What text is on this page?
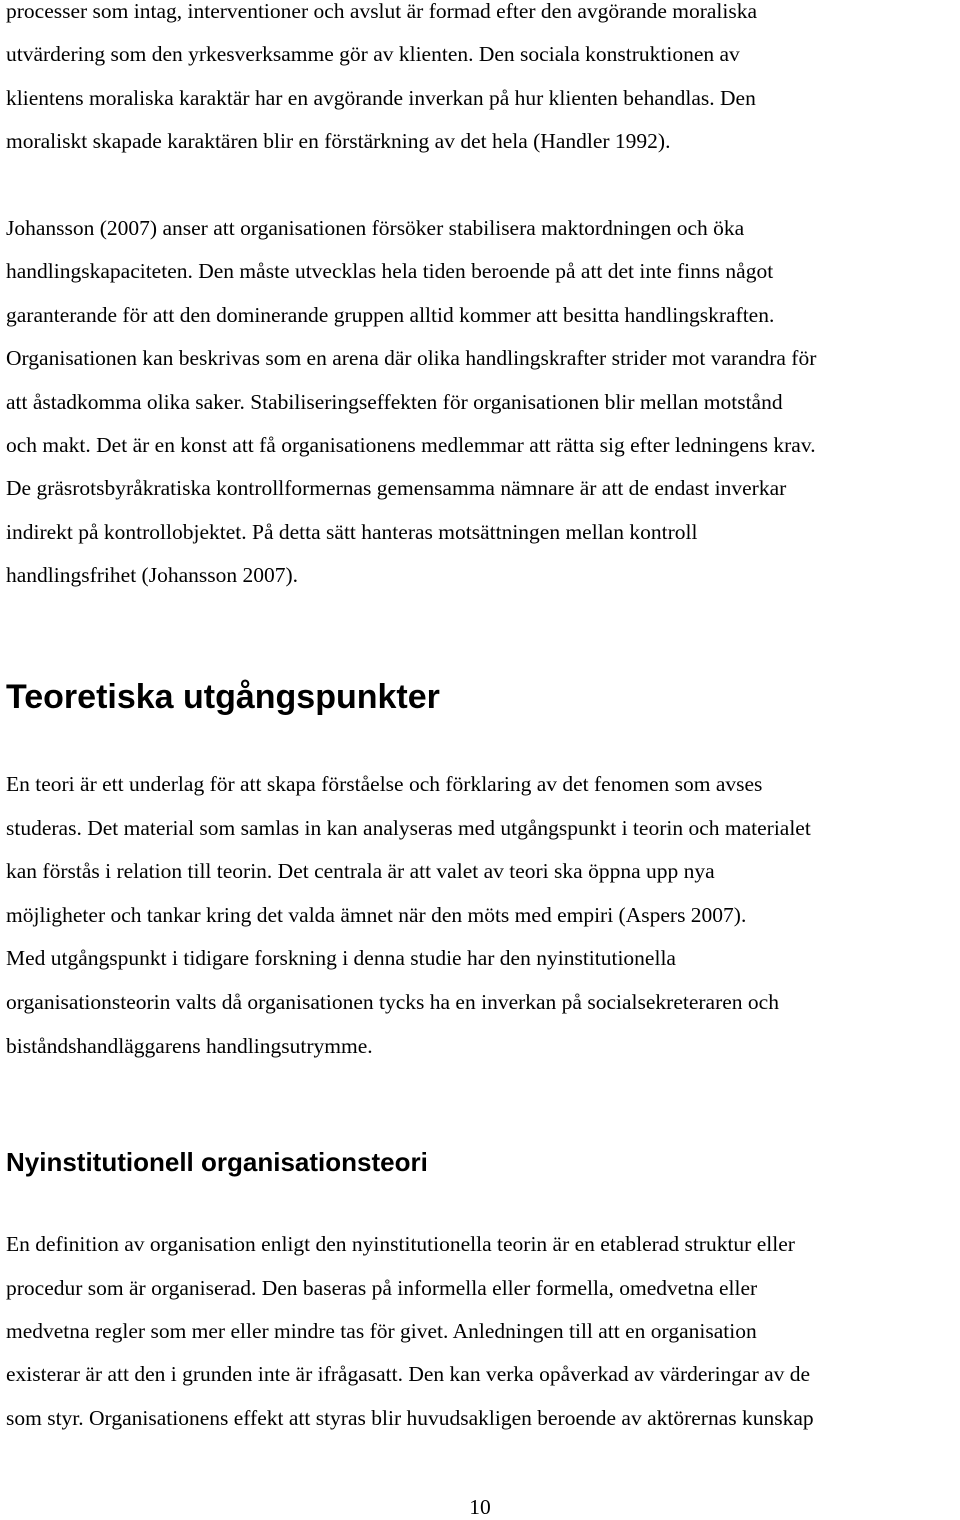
processer som intag, interventioner och avslut är formad efter den avgörande moraliska

utvärdering som den yrkesverksamme gör av klienten. Den sociala konstruktionen av

klientens moraliska karaktär har en avgörande inverkan på hur klienten behandlas. Den

moraliskt skapade karaktären blir en förstärkning av det hela (Handler 1992).

Johansson (2007) anser att organisationen försöker stabilisera maktordningen och öka

handlingskapaciteten. Den måste utvecklas hela tiden beroende på att det inte finns något

garanterande för att den dominerande gruppen alltid kommer att besitta handlingskraften.

Organisationen kan beskrivas som en arena där olika handlingskrafter strider mot varandra för

att åstadkomma olika saker. Stabiliseringseffekten för organisationen blir mellan motstånd

och makt. Det är en konst att få organisationens medlemmar att rätta sig efter ledningens krav.

De gräsrotsbyråkratiska kontrollformernas gemensamma nämnare är att de endast inverkar

indirekt på kontrollobjektet. På detta sätt hanteras motsättningen mellan kontroll

handlingsfrihet (Johansson 2007).

Teoretiska utgångspunkter

En teori är ett underlag för att skapa förståelse och förklaring av det fenomen som avses

studeras. Det material som samlas in kan analyseras med utgångspunkt i teorin och materialet

kan förstås i relation till teorin. Det centrala är att valet av teori ska öppna upp nya

möjligheter och tankar kring det valda ämnet när den möts med empiri (Aspers 2007).

Med utgångspunkt i tidigare forskning i denna studie har den nyinstitutionella

organisationsteorin valts då organisationen tycks ha en inverkan på socialsekreteraren och

biståndshandläggarens handlingsutrymme.

Nyinstitutionell organisationsteori

En definition av organisation enligt den nyinstitutionella teorin är en etablerad struktur eller

procedur som är organiserad. Den baseras på informella eller formella, omedvetna eller

medvetna regler som mer eller mindre tas för givet. Anledningen till att en organisation

existerar är att den i grunden inte är ifrågasatt. Den kan verka opåverkad av värderingar av de

som styr. Organisationens effekt att styras blir huvudsakligen beroende av aktörernas kunskap

10
